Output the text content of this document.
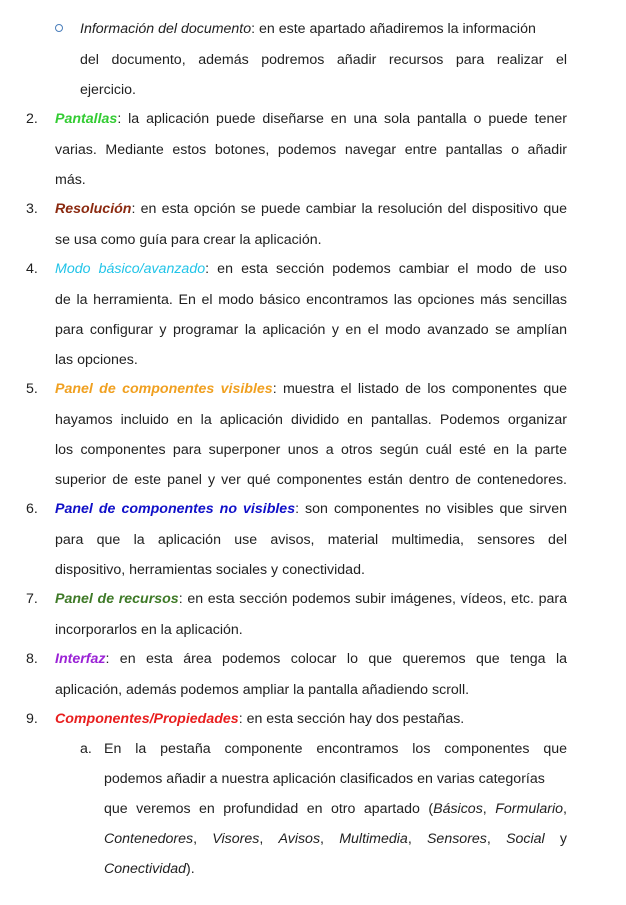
Información del documento: en este apartado añadiremos la información
del documento, además podremos añadir recursos para realizar el
ejercicio.
2. Pantallas: la aplicación puede diseñarse en una sola pantalla o puede tener
varias. Mediante estos botones, podemos navegar entre pantallas o añadir
más.
3. Resolución: en esta opción se puede cambiar la resolución del dispositivo que
se usa como guía para crear la aplicación.
4. Modo básico/avanzado: en esta sección podemos cambiar el modo de uso
de la herramienta. En el modo básico encontramos las opciones más sencillas
para configurar y programar la aplicación y en el modo avanzado se amplían
las opciones.
5. Panel de componentes visibles: muestra el listado de los componentes que
hayamos incluido en la aplicación dividido en pantallas. Podemos organizar
los componentes para superponer unos a otros según cuál esté en la parte
superior de este panel y ver qué componentes están dentro de contenedores.
6. Panel de componentes no visibles: son componentes no visibles que sirven
para que la aplicación use avisos, material multimedia, sensores del
dispositivo, herramientas sociales y conectividad.
7. Panel de recursos: en esta sección podemos subir imágenes, vídeos, etc. para
incorporarlos en la aplicación.
8. Interfaz: en esta área podemos colocar lo que queremos que tenga la
aplicación, además podemos ampliar la pantalla añadiendo scroll.
9. Componentes/Propiedades: en esta sección hay dos pestañas.
a. En la pestaña componente encontramos los componentes que
podemos añadir a nuestra aplicación clasificados en varias categorías
que veremos en profundidad en otro apartado (Básicos, Formulario,
Contenedores, Visores, Avisos, Multimedia, Sensores, Social y
Conectividad).
